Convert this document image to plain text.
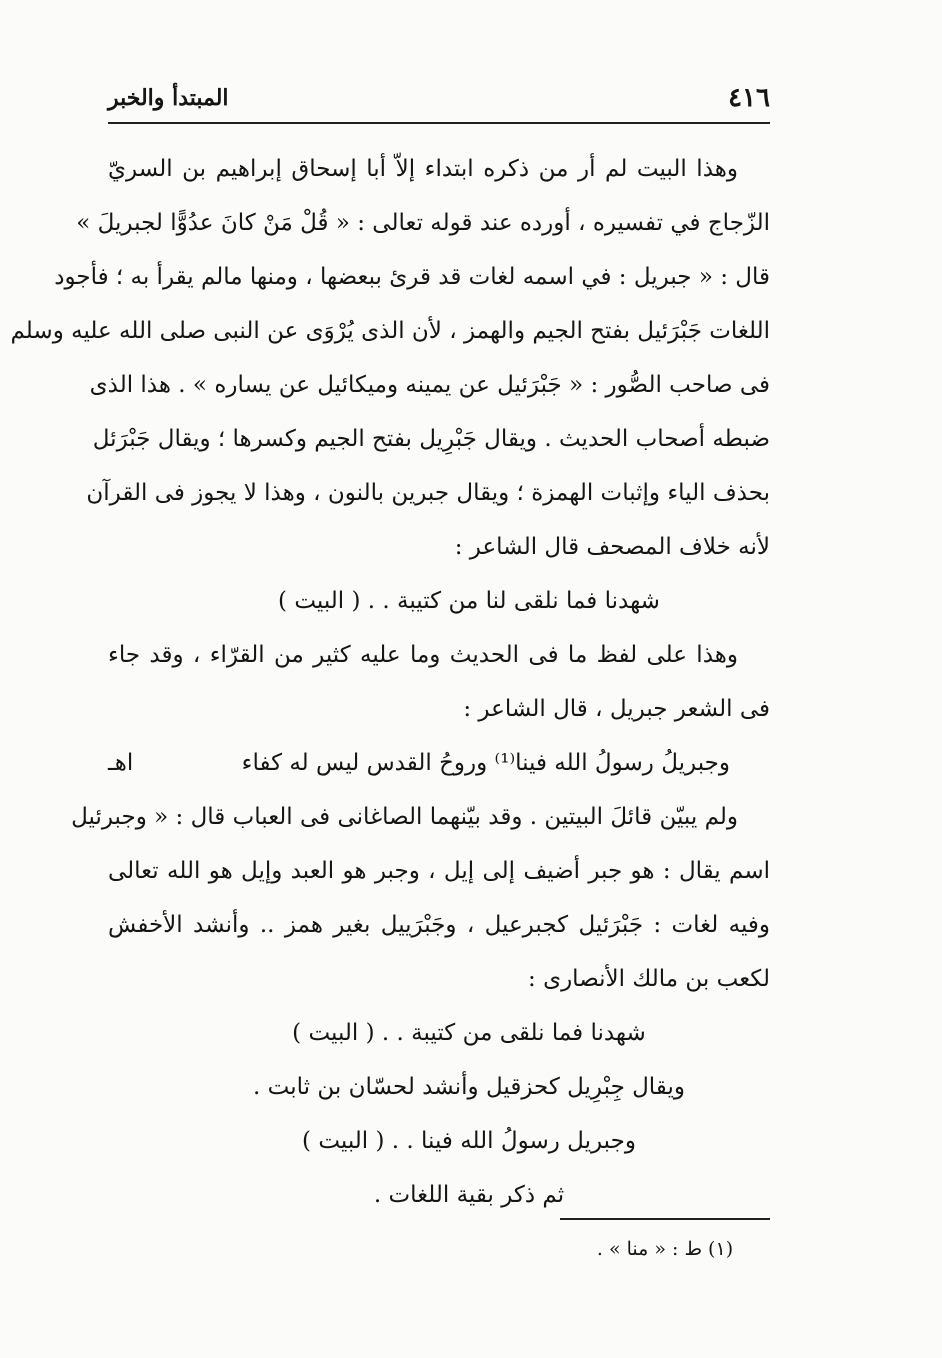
٤١٦
المبتدأ والخبر
وهذا البيت لم أر من ذكره ابتداء إلاّ أبا إسحاق إبراهيم بن السريّ
الزّجاج في تفسيره ، أورده عند قوله تعالى : « قُلْ مَنْ كانَ عدُوًّا لجبريلَ »
قال : « جبريل : في اسمه لغات قد قرئ ببعضها ، ومنها مالم يقرأ به ؛ فأجود
اللغات جَبْرَئيل بفتح الجيم والهمز ، لأن الذى يُرْوَى عن النبى صلى الله عليه وسلم
فى صاحب الصُّور : « جَبْرَئيل عن يمينه وميكائيل عن يساره » . هذا الذى
ضبطه أصحاب الحديث . ويقال جَبْرِيل بفتح الجيم وكسرها ؛ ويقال جَبْرَئل
بحذف الياء وإثبات الهمزة ؛ ويقال جبرين بالنون ، وهذا لا يجوز فى القرآن
لأنه خلاف المصحف قال الشاعر :
شهدنا فما نلقى لنا من كتيبة . . ( البيت )
وهذا على لفظ ما فى الحديث وما عليه كثير من القرّاء ، وقد جاء
فى الشعر جبريل ، قال الشاعر :
اهـ	وجبريلُ رسولُ الله فينا⁽¹⁾ وروحُ القدس ليس له كفاء
ولم يبيّن قائلَ البيتين . وقد بيّنهما الصاغانى فى العباب قال : « وجبرئيل
اسم يقال : هو جبر أضيف إلى إيل ، وجبر هو العبد وإيل هو الله تعالى
وفيه لغات : جَبْرَئيل كجبرعيل ، وجَبْرَييل بغير همز .. وأنشد الأخفش
لكعب بن مالك الأنصارى :
شهدنا فما نلقى من كتيبة . . ( البيت )
ويقال جِبْرِيل كحزقيل وأنشد لحسّان بن ثابت .
وجبريل رسولُ الله فينا . . ( البيت )
ثم ذكر بقية اللغات .
(١) ط : « منا » .
